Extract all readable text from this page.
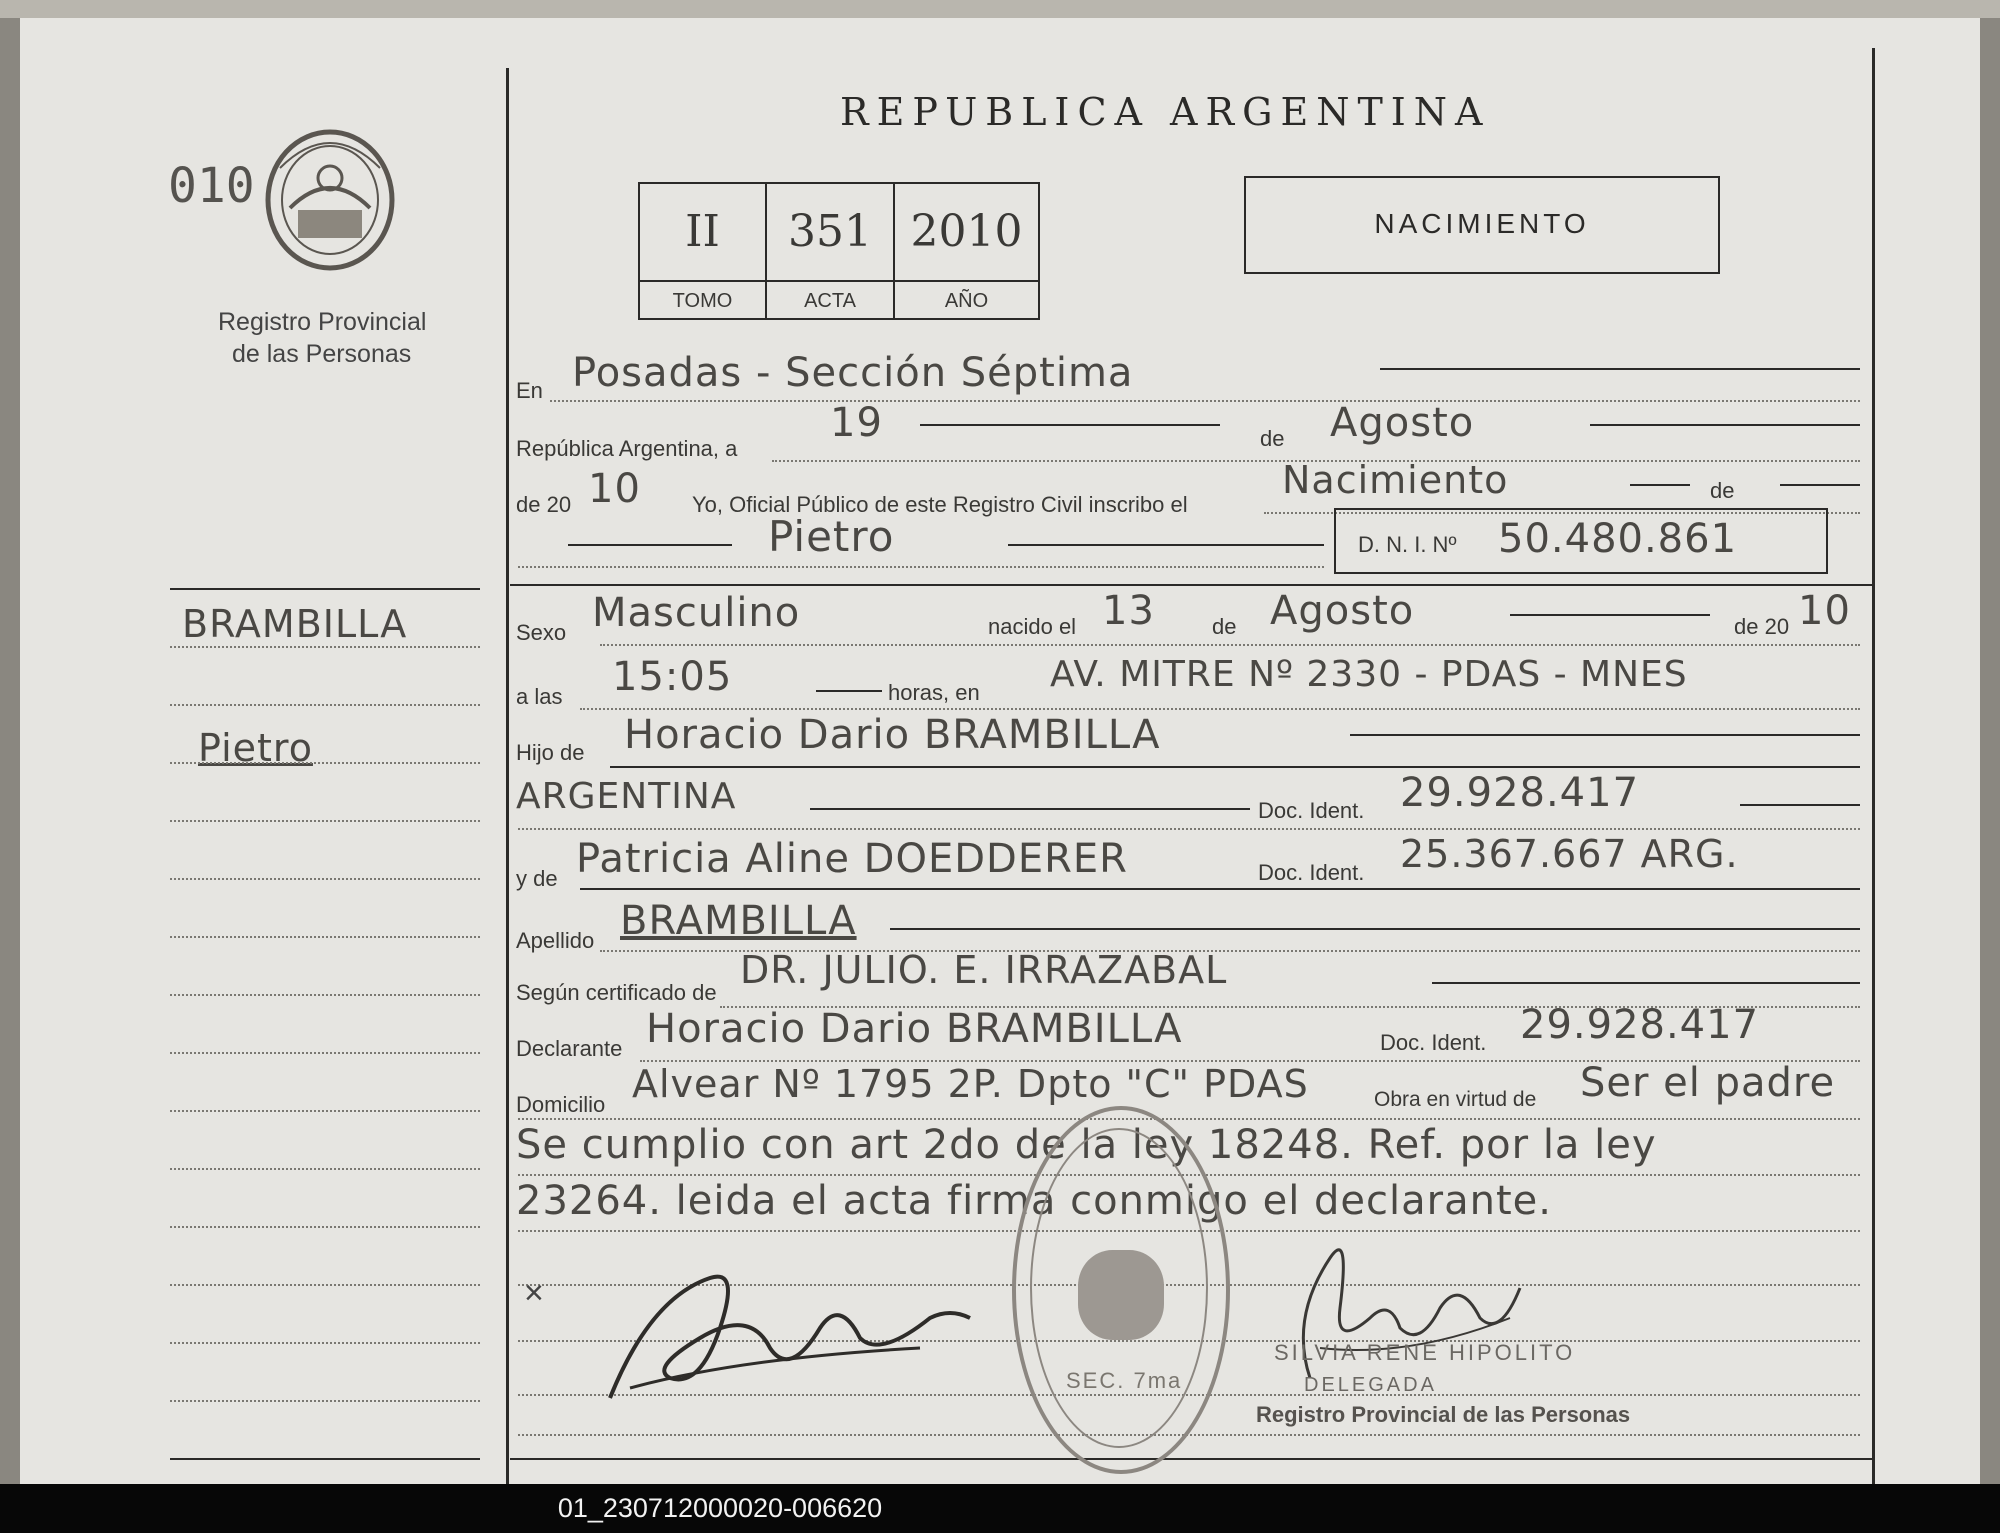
010
Registro Provincial
de las Personas
REPUBLICA ARGENTINA
II	351 2010
TOMO	ACTA	AÑO
NACIMIENTO
BRAMBILLA
Pietro
En Posadas - Sección Séptima
República Argentina, a
19	de Agosto
de 20 10 Yo, Oficial Público de este Registro Civil inscribo el
Nacimiento	de
Pietro	D. N. I. Nº 50.480.861
Sexo Masculino	nacido el 13	de Agosto	de 20 10
a las 15:05	horas, en AV. MITRE Nº 2330 - PDAS - MNES
Hijo de Horacio Dario BRAMBILLA
ARGENTINA	Doc. Ident. 29.928.417
y de Patricia Aline DOEDDERER	Doc. Ident. 25.367.667 ARG.
Apellido BRAMBILLA
Según certificado de
DR. JULIO. E. IRRAZABAL
Declarante Horacio Dario BRAMBILLA	Doc. Ident. 29.928.417
Domicilio Alvear Nº 1795 2P. Dpto "C" PDAS	Obra en virtud de Ser el padre
Se cumplio con art 2do de la ley 18248. Ref. por la ley
23264. leida el acta firma conmigo el declarante.
×
SEC. 7ma
SILVIA RENE HIPOLITO
DELEGADA
Registro Provincial de las Personas
01_230712000020-006620
